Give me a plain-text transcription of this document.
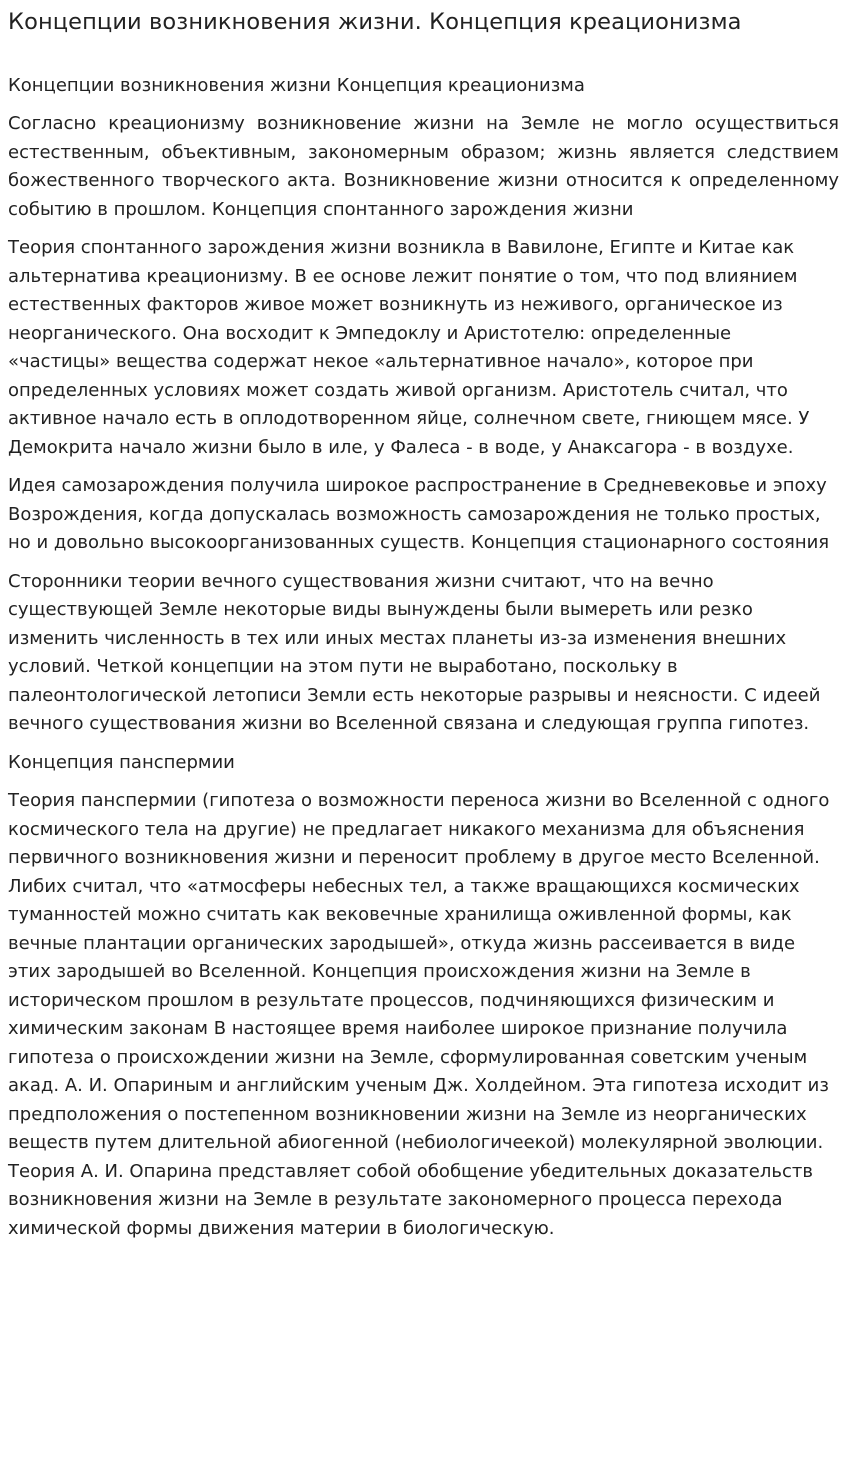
Концепции возникновения жизни. Концепция креационизма
Концепции возникновения жизни Концепция креационизма

Согласно креационизму возникновение жизни на Земле не могло осуществиться естественным, объективным, закономерным образом; жизнь является следствием божественного творческого акта. Возникновение жизни относится к определенному событию в прошлом. Концепция спонтанного зарождения жизни

Теория спонтанного зарождения жизни возникла в Вавилоне, Египте и Китае как альтернатива креационизму. В ее основе лежит понятие о том, что под влиянием естественных факторов живое может возникнуть из неживого, органическое из неорганического. Она восходит к Эмпедоклу и Аристотелю: определенные «частицы» вещества содержат некое «альтернативное начало», которое при определенных условиях может создать живой организм. Аристотель считал, что активное начало есть в оплодотворенном яйце, солнечном свете, гниющем мясе. У Демокрита начало жизни было в иле, у Фалеса - в воде, у Анаксагора - в воздухе.

Идея самозарождения получила широкое распространение в Средневековье и эпоху Возрождения, когда допускалась возможность самозарождения не только простых, но и довольно высокоорганизованных существ. Концепция стационарного состояния

Сторонники теории вечного существования жизни считают, что на вечно существующей Земле некоторые виды вынуждены были вымереть или резко изменить численность в тех или иных местах планеты из-за изменения внешних условий. Четкой концепции на этом пути не выработано, поскольку в палеонтологической летописи Земли есть некоторые разрывы и неясности. С идеей вечного существования жизни во Вселенной связана и следующая группа гипотез.

Концепция панспермии

Теория панспермии (гипотеза о возможности переноса жизни во Вселенной с одного космического тела на другие) не предлагает никакого механизма для объяснения первичного возникновения жизни и переносит проблему в другое место Вселенной. Либих считал, что «атмосферы небесных тел, а также вращающихся космических туманностей можно считать как вековечные хранилища оживленной формы, как вечные плантации органических зародышей», откуда жизнь рассеивается в виде этих зародышей во Вселенной. Концепция происхождения жизни на Земле в историческом прошлом в результате процессов, подчиняющихся физическим и химическим законам В настоящее время наиболее широкое признание получила гипотеза о происхождении жизни на Земле, сформулированная советским ученым акад. А. И. Опариным и английским ученым Дж. Холдейном. Эта гипотеза исходит из предположения о постепенном возникновении жизни на Земле из неорганических веществ путем длительной абиогенной (небиологичеекой) молекулярной эволюции. Теория А. И. Опарина представляет собой обобщение убедительных доказательств возникновения жизни на Земле в результате закономерного процесса перехода химической формы движения материи в биологическую.
